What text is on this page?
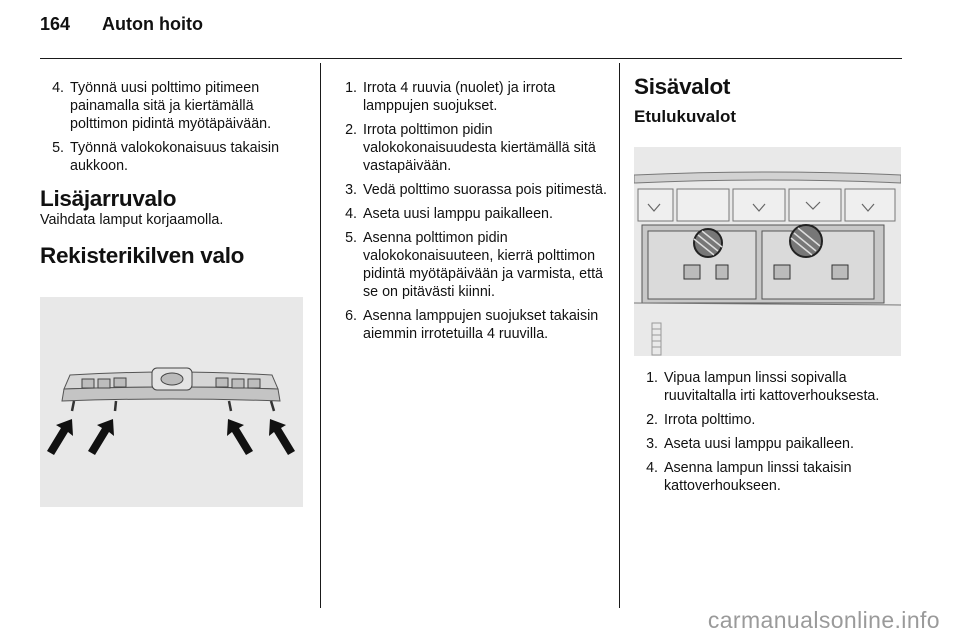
164 Auton hoito
4. Työnnä uusi polttimo pitimeen painamalla sitä ja kiertämällä polttimon pidintä myötäpäivään.
5. Työnnä valokokonaisuus takaisin aukkoon.
Lisäjarruvalo
Vaihdata lamput korjaamolla.
Rekisterikilven valo
1. Irrota 4 ruuvia (nuolet) ja irrota lamppujen suojukset.
2. Irrota polttimon pidin valokokonaisuudesta kiertämällä sitä vastapäivään.
3. Vedä polttimo suorassa pois pitimestä.
4. Aseta uusi lamppu paikalleen.
5. Asenna polttimon pidin valokokonaisuuteen, kierrä polttimon pidintä myötäpäivään ja varmista, että se on pitävästi kiinni.
6. Asenna lamppujen suojukset takaisin aiemmin irrotetuilla 4 ruuvilla.
Sisävalot
Etulukuvalot
1. Vipua lampun linssi sopivalla ruuvitaltalla irti kattoverhouksesta.
2. Irrota polttimo.
3. Aseta uusi lamppu paikalleen.
4. Asenna lampun linssi takaisin kattoverhoukseen.
carmanualsonline.info
